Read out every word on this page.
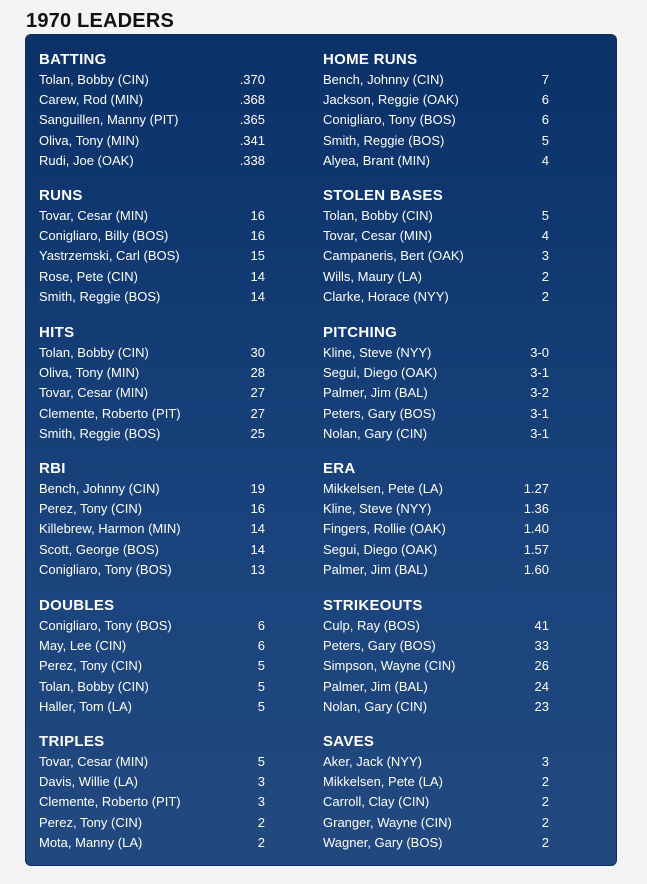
1970 LEADERS
BATTING
Tolan, Bobby (CIN)	.370
Carew, Rod (MIN)	.368
Sanguillen, Manny (PIT)	.365
Oliva, Tony (MIN)	.341
Rudi, Joe (OAK)	.338
RUNS
Tovar, Cesar (MIN)	16
Conigliaro, Billy (BOS)	16
Yastrzemski, Carl (BOS)	15
Rose, Pete (CIN)	14
Smith, Reggie (BOS)	14
HITS
Tolan, Bobby (CIN)	30
Oliva, Tony (MIN)	28
Tovar, Cesar (MIN)	27
Clemente, Roberto (PIT)	27
Smith, Reggie (BOS)	25
RBI
Bench, Johnny (CIN)	19
Perez, Tony (CIN)	16
Killebrew, Harmon (MIN)	14
Scott, George (BOS)	14
Conigliaro, Tony (BOS)	13
DOUBLES
Conigliaro, Tony (BOS)	6
May, Lee (CIN)	6
Perez, Tony (CIN)	5
Tolan, Bobby (CIN)	5
Haller, Tom (LA)	5
TRIPLES
Tovar, Cesar (MIN)	5
Davis, Willie (LA)	3
Clemente, Roberto (PIT)	3
Perez, Tony (CIN)	2
Mota, Manny (LA)	2
HOME RUNS
Bench, Johnny (CIN)	7
Jackson, Reggie (OAK)	6
Conigliaro, Tony (BOS)	6
Smith, Reggie (BOS)	5
Alyea, Brant (MIN)	4
STOLEN BASES
Tolan, Bobby (CIN)	5
Tovar, Cesar (MIN)	4
Campaneris, Bert (OAK)	3
Wills, Maury (LA)	2
Clarke, Horace (NYY)	2
PITCHING
Kline, Steve (NYY)	3-0
Segui, Diego (OAK)	3-1
Palmer, Jim (BAL)	3-2
Peters, Gary (BOS)	3-1
Nolan, Gary (CIN)	3-1
ERA
Mikkelsen, Pete (LA)	1.27
Kline, Steve (NYY)	1.36
Fingers, Rollie (OAK)	1.40
Segui, Diego (OAK)	1.57
Palmer, Jim (BAL)	1.60
STRIKEOUTS
Culp, Ray (BOS)	41
Peters, Gary (BOS)	33
Simpson, Wayne (CIN)	26
Palmer, Jim (BAL)	24
Nolan, Gary (CIN)	23
SAVES
Aker, Jack (NYY)	3
Mikkelsen, Pete (LA)	2
Carroll, Clay (CIN)	2
Granger, Wayne (CIN)	2
Wagner, Gary (BOS)	2
